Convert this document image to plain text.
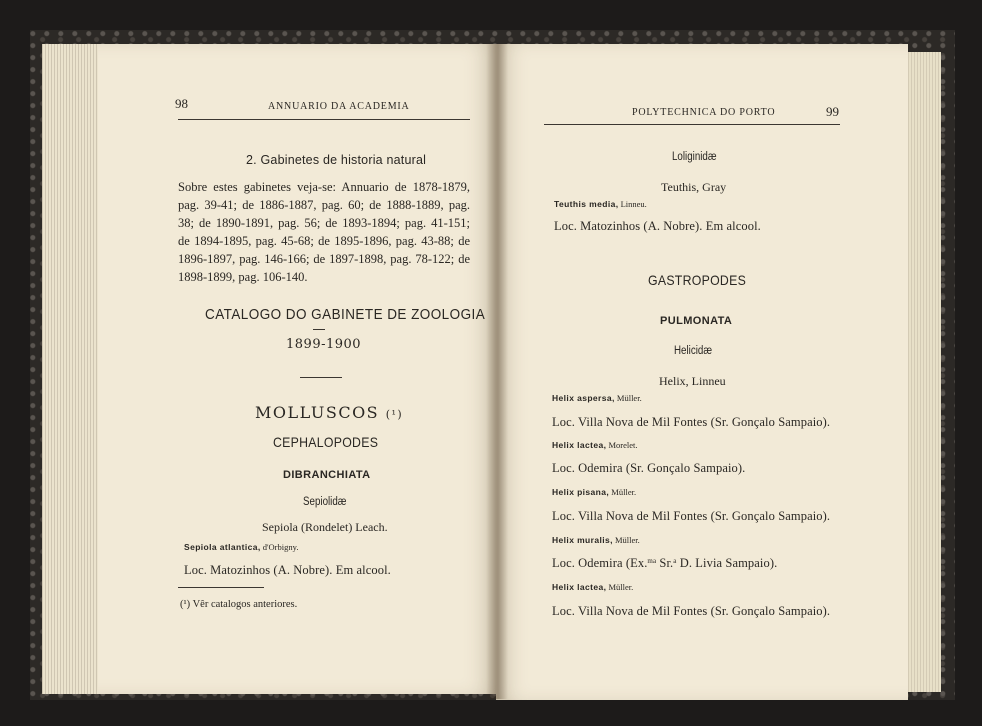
98	ANNUARIO DA ACADEMIA
2. Gabinetes de historia natural
Sobre estes gabinetes veja-se: Annuario de 1878-1879,
pag. 39-41; de 1886-1887, pag. 60; de 1888-1889, pag.
38; de 1890-1891, pag. 56; de 1893-1894; pag. 41-151;
de 1894-1895, pag. 45-68; de 1895-1896, pag. 43-88; de
1896-1897, pag. 146-166; de 1897-1898, pag. 78-122; de
1898-1899, pag. 106-140.
CATALOGO DO GABINETE DE ZOOLOGIA
1899-1900
MOLLUSCOS (¹)
CEPHALOPODES
DIBRANCHIATA
Sepiolidæ
Sepiola (Rondelet) Leach.
Sepiola atlantica, d'Orbigny.
Loc. Matozinhos (A. Nobre). Em alcool.
(¹) Vêr catalogos anteriores.
POLYTECHNICA DO PORTO	99
Loliginidæ
Teuthis, Gray
Teuthis media, Linneu.
Loc. Matozinhos (A. Nobre). Em alcool.
GASTROPODES
PULMONATA
Helicidæ
Helix, Linneu
Helix aspersa, Müller.
Loc. Villa Nova de Mil Fontes (Sr. Gonçalo Sampaio).
Helix lactea, Morelet.
Loc. Odemira (Sr. Gonçalo Sampaio).
Helix pisana, Müller.
Loc. Villa Nova de Mil Fontes (Sr. Gonçalo Sampaio).
Helix muralis, Müller.
Loc. Odemira (Ex.$^{ma}$ Sr.$^a$ D. Livia Sampaio).
Helix lactea, Müller.
Loc. Villa Nova de Mil Fontes (Sr. Gonçalo Sampaio).
